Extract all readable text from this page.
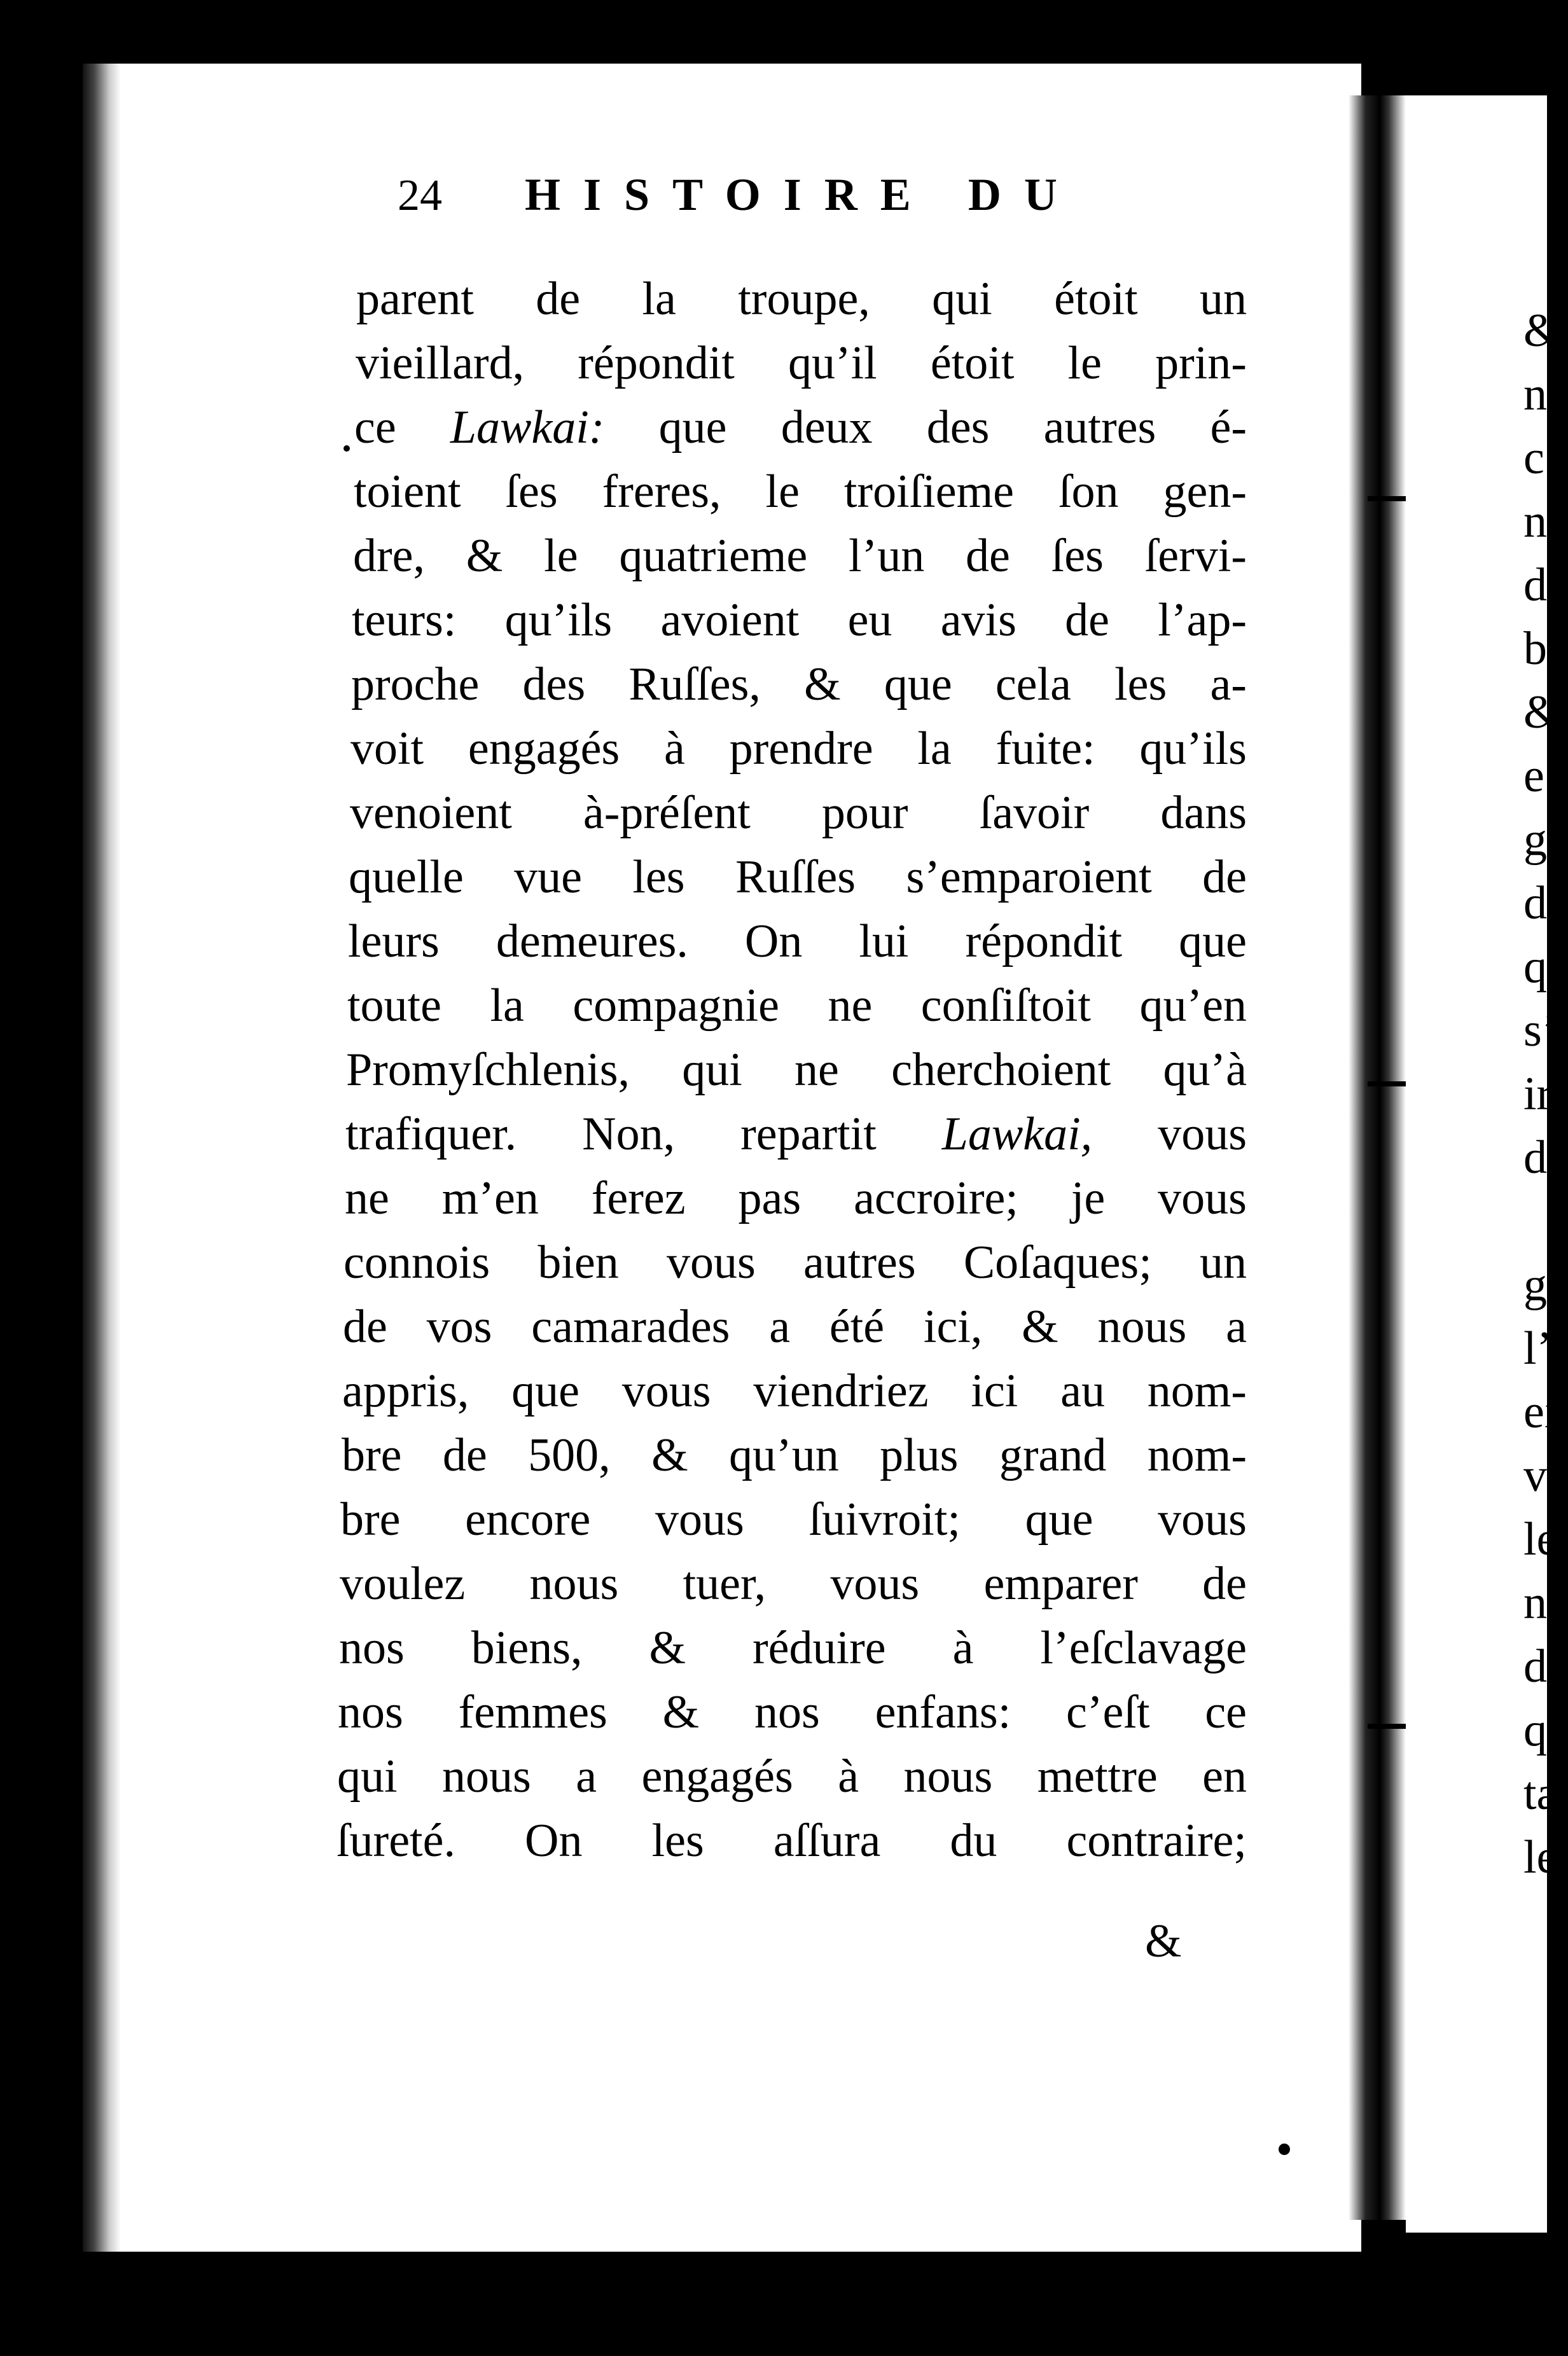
24 HISTOIRE DU
parent de la troupe, qui étoit un
vieillard, répondit qu’il étoit le prin-
ce Lawkai: que deux des autres é-
toient ſes freres, le troiſieme ſon gen-
dre, & le quatrieme l’un de ſes ſervi-
teurs: qu’ils avoient eu avis de l’ap-
proche des Ruſſes, & que cela les a-
voit engagés à prendre la fuite: qu’ils
venoient à-préſent pour ſavoir dans
quelle vue les Ruſſes s’emparoient de
leurs demeures. On lui répondit que
toute la compagnie ne conſiſtoit qu’en
Promyſchlenis, qui ne cherchoient qu’à
trafiquer. Non, repartit Lawkai, vous
ne m’en ferez pas accroire; je vous
connois bien vous autres Coſaques; un
de vos camarades a été ici, & nous a
appris, que vous viendriez ici au nom-
bre de 500, & qu’un plus grand nom-
bre encore vous ſuivroit; que vous
voulez nous tuer, vous emparer de
nos biens, & réduire à l’eſclavage
nos femmes & nos enfans: c’eſt ce
qui nous a engagés à nous mettre en
ſureté. On les aſſura du contraire;
&
&
n
c
n
d
b
&
e
g
d
q
s’
ir
d
g
l’
ei
v
le
n
de
q
ta
le
